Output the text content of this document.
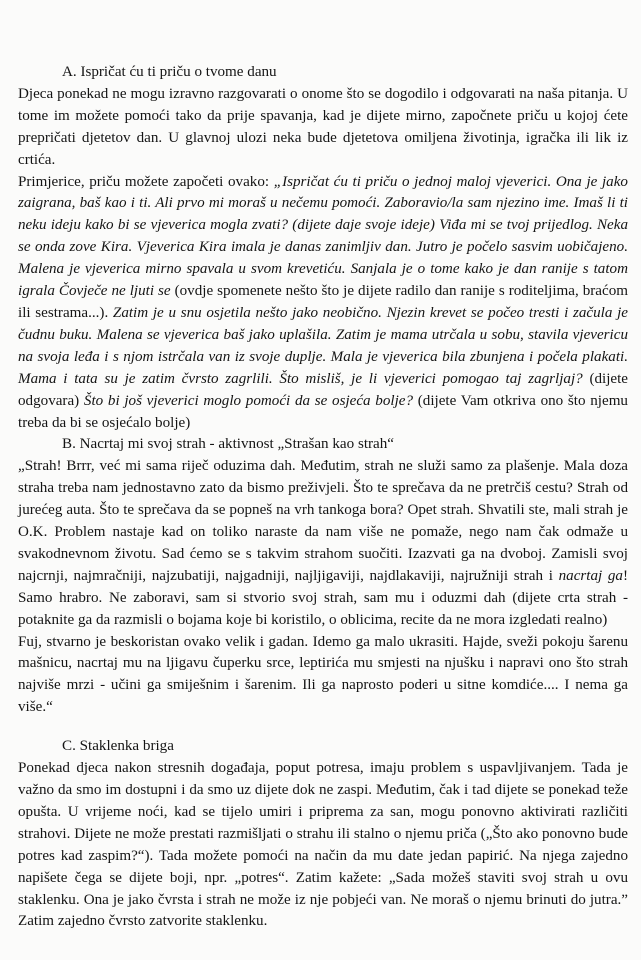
A. Ispričat ću ti priču o tvome danu

Djeca ponekad ne mogu izravno razgovarati o onome što se dogodilo i odgovarati na naša pitanja. U tome im možete pomoći tako da prije spavanja, kad je dijete mirno, započnete priču u kojoj ćete prepričati djetetov dan. U glavnoj ulozi neka bude djetetova omiljena životinja, igračka ili lik iz crtića.

Primjerice, priču možete započeti ovako: „Ispričat ću ti priču o jednoj maloj vjeverici. Ona je jako zaigrana, baš kao i ti. Ali prvo mi moraš u nečemu pomoći. Zaboravio/la sam njezino ime. Imaš li ti neku ideju kako bi se vjeverica mogla zvati? (dijete daje svoje ideje) Viđa mi se tvoj prijedlog. Neka se onda zove Kira. Vjeverica Kira imala je danas zanimljiv dan. Jutro je počelo sasvim uobičajeno. Malena je vjeverica mirno spavala u svom krevetiću. Sanjala je o tome kako je dan ranije s tatom igrala Čovječe ne ljuti se (ovdje spomenete nešto što je dijete radilo dan ranije s roditeljima, braćom ili sestrama...). Zatim je u snu osjetila nešto jako neobično. Njezin krevet se počeo tresti i začula je čudnu buku. Malena se vjeverica baš jako uplašila. Zatim je mama utrčala u sobu, stavila vjevericu na svoja leđa i s njom istrčala van iz svoje duplje. Mala je vjeverica bila zbunjena i počela plakati. Mama i tata su je zatim čvrsto zagrlili. Što misliš, je li vjeverici pomogao taj zagrljaj? (dijete odgovara) Što bi još vjeverici moglo pomoći da se osjeća bolje? (dijete Vam otkriva ono što njemu treba da bi se osjećalo bolje)

B. Nacrtaj mi svoj strah - aktivnost „Strašan kao strah“

„Strah! Brrr, već mi sama riječ oduzima dah. Međutim, strah ne služi samo za plašenje. Mala doza straha treba nam jednostavno zato da bismo preživjeli. Što te sprečava da ne pretrčiš cestu? Strah od jurećeg auta. Što te sprečava da se popneš na vrh tankoga bora? Opet strah. Shvatili ste, mali strah je O.K. Problem nastaje kad on toliko naraste da nam više ne pomaže, nego nam čak odmaže u svakodnevnom životu. Sad ćemo se s takvim strahom suočiti. Izazvati ga na dvoboj. Zamisli svoj najcrnji, najmračniji, najzubatiji, najgadniji, najljigaviji, najdlakaviji, najružniji strah i nacrtaj ga! Samo hrabro. Ne zaboravi, sam si stvorio svoj strah, sam mu i oduzmi dah (dijete crta strah - potaknite ga da razmisli o bojama koje bi koristilo, o oblicima, recite da ne mora izgledati realno)

Fuj, stvarno je beskoristan ovako velik i gadan. Idemo ga malo ukrasiti. Hajde, sveži pokoju šarenu mašnicu, nacrtaj mu na ljigavu čuperku srce, leptirića mu smjesti na njušku i napravi ono što strah najviše mrzi - učini ga smiješnim i šarenim. Ili ga naprosto poderi u sitne komdiće.... I nema ga više.“

C. Staklenka briga

Ponekad djeca nakon stresnih događaja, poput potresa, imaju problem s uspavljivanjem. Tada je važno da smo im dostupni i da smo uz dijete dok ne zaspi. Međutim, čak i tad dijete se ponekad teže opušta. U vrijeme noći, kad se tijelo umiri i priprema za san, mogu ponovno aktivirati različiti strahovi. Dijete ne može prestati razmišljati o strahu ili stalno o njemu priča („Što ako ponovno bude potres kad zaspim?“). Tada možete pomoći na način da mu date jedan papirić. Na njega zajedno napišete čega se dijete boji, npr. „potres“. Zatim kažete: „Sada možeš staviti svoj strah u ovu staklenku. Ona je jako čvrsta i strah ne može iz nje pobjeći van. Ne moraš o njemu brinuti do jutra.” Zatim zajedno čvrsto zatvorite staklenku.
